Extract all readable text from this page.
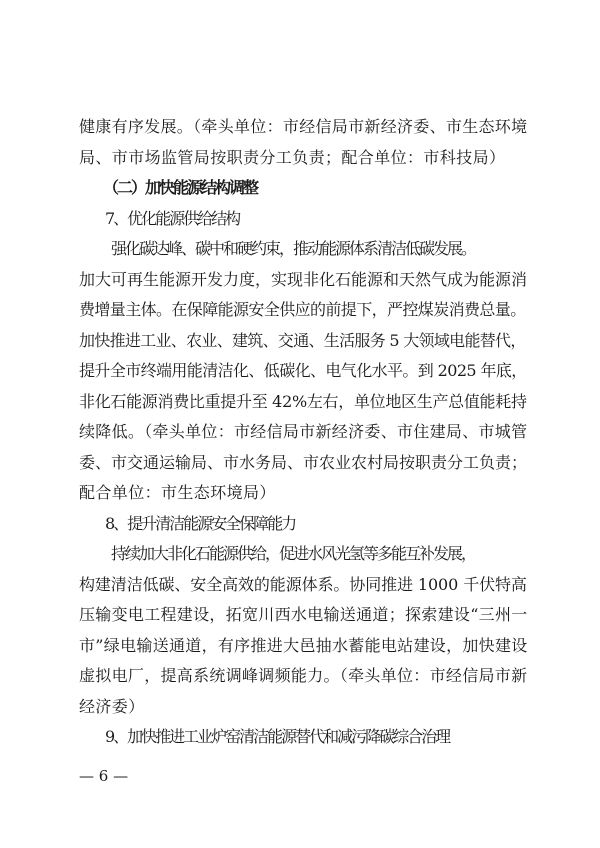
健康有序发展。（牵头单位：市经信局市新经济委、市生态环境
局、市市场监管局按职责分工负责；配合单位：市科技局）
（二）加快能源结构调整
7、优化能源供给结构
强化碳达峰、碳中和硬约束，推动能源体系清洁低碳发展。
加大可再生能源开发力度，实现非化石能源和天然气成为能源消
费增量主体。在保障能源安全供应的前提下，严控煤炭消费总量。
加快推进工业、农业、建筑、交通、生活服务 5 大领域电能替代，
提升全市终端用能清洁化、低碳化、电气化水平。到 2025 年底，
非化石能源消费比重提升至 42%左右，单位地区生产总值能耗持
续降低。（牵头单位：市经信局市新经济委、市住建局、市城管
委、市交通运输局、市水务局、市农业农村局按职责分工负责；
配合单位：市生态环境局）
8、提升清洁能源安全保障能力
持续加大非化石能源供给，促进水风光氢等多能互补发展，
构建清洁低碳、安全高效的能源体系。协同推进 1000 千伏特高
压输变电工程建设，拓宽川西水电输送通道；探索建设“三州一
市”绿电输送通道，有序推进大邑抽水蓄能电站建设，加快建设
虚拟电厂，提高系统调峰调频能力。（牵头单位：市经信局市新
经济委）
9、加快推进工业炉窑清洁能源替代和减污降碳综合治理
— 6 —
